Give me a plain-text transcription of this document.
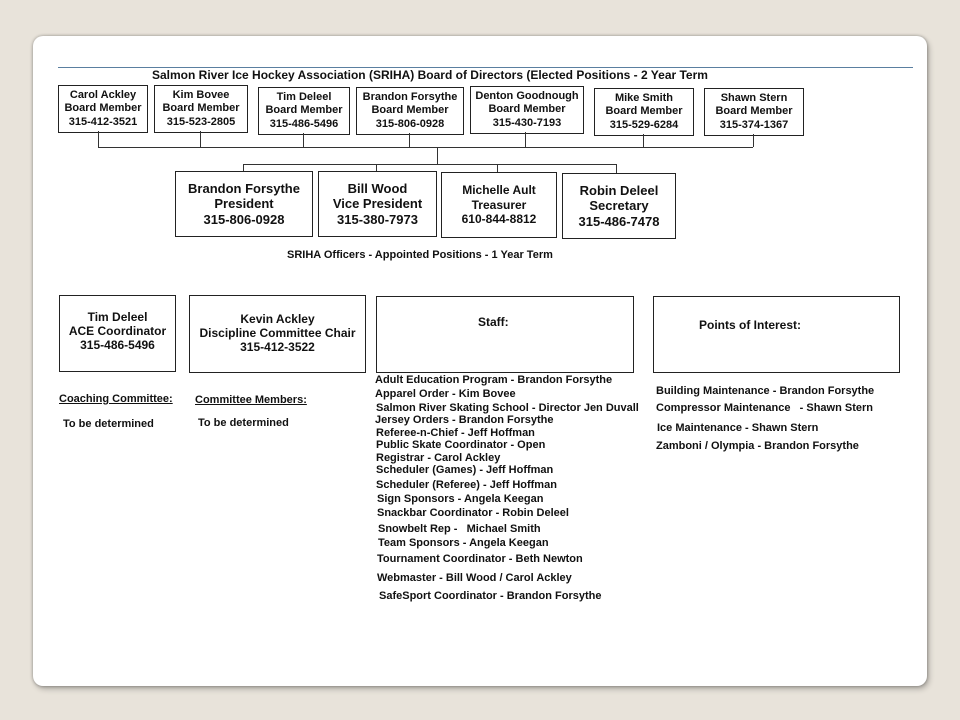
Salmon River Ice Hockey Association (SRIHA) Board of Directors (Elected Positions - 2 Year Term
Carol Ackley
Board Member
315-412-3521
Kim Bovee
Board Member
315-523-2805
Tim Deleel
Board Member
315-486-5496
Brandon Forsythe
Board Member
315-806-0928
Denton Goodnough
Board Member
315-430-7193
Mike Smith
Board Member
315-529-6284
Shawn Stern
Board Member
315-374-1367
Brandon Forsythe
President
315-806-0928
Bill Wood
Vice President
315-380-7973
Michelle Ault
Treasurer
610-844-8812
Robin Deleel
Secretary
315-486-7478
SRIHA Officers - Appointed Positions - 1 Year Term
Tim Deleel
ACE Coordinator
315-486-5496
Kevin Ackley
Discipline Committee Chair
315-412-3522
Staff:	Points of Interest:
Coaching Committee:
To be determined
Committee Members:
To be determined
Adult Education Program - Brandon Forsythe
Apparel Order - Kim Bovee
Salmon River Skating School - Director Jen Duvall
Jersey Orders - Brandon Forsythe
Referee-n-Chief - Jeff Hoffman
Public Skate Coordinator - Open
Registrar - Carol Ackley
Scheduler (Games) - Jeff Hoffman
Scheduler (Referee) - Jeff Hoffman
Sign Sponsors - Angela Keegan
Snackbar Coordinator - Robin Deleel
Snowbelt Rep -   Michael Smith
Team Sponsors - Angela Keegan
Tournament Coordinator - Beth Newton
Webmaster - Bill Wood / Carol Ackley
SafeSport Coordinator - Brandon Forsythe
Building Maintenance - Brandon Forsythe
Compressor Maintenance   - Shawn Stern
Ice Maintenance - Shawn Stern
Zamboni / Olympia - Brandon Forsythe
